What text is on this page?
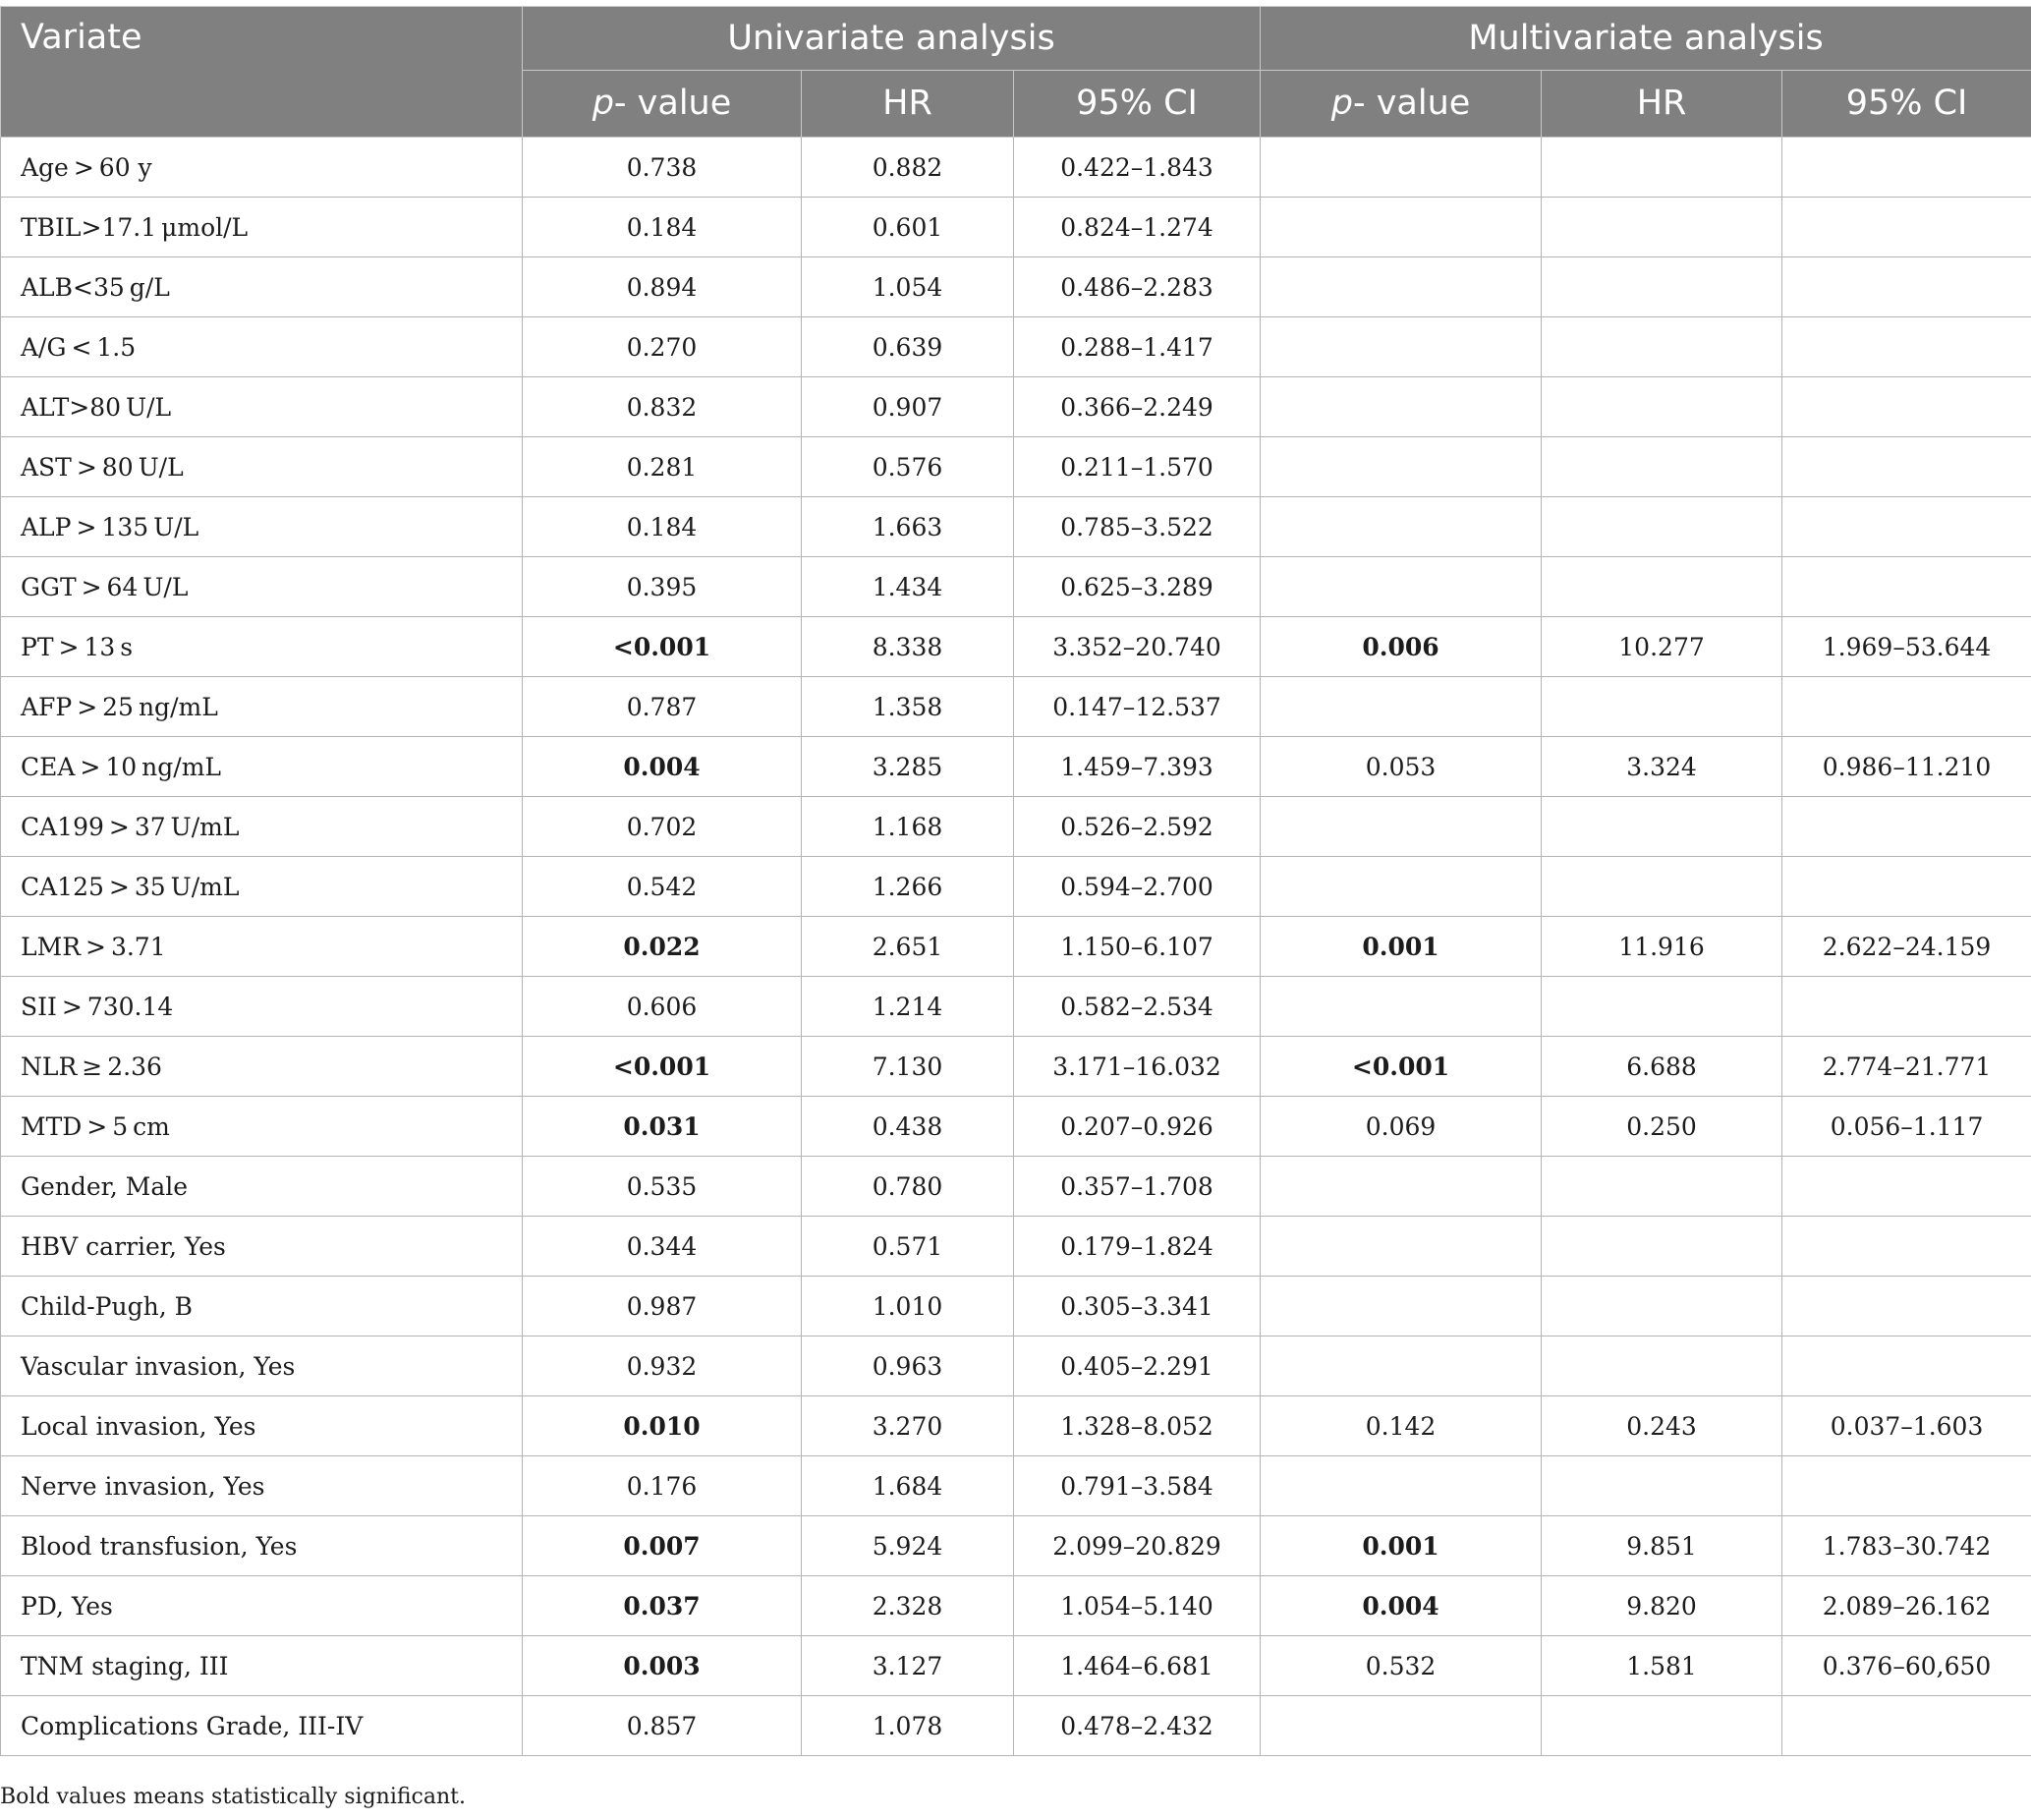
Variate	Univariate analysis			Multivariate analysis		
	p- value	HR	95% CI	p- value	HR	95% CI
Age > 60 y	0.738	0.882	0.422–1.843			
TBIL>17.1 μmol/L	0.184	0.601	0.824–1.274			
ALB<35 g/L	0.894	1.054	0.486–2.283			
A/G < 1.5	0.270	0.639	0.288–1.417			
ALT>80 U/L	0.832	0.907	0.366–2.249			
AST > 80 U/L	0.281	0.576	0.211–1.570			
ALP > 135 U/L	0.184	1.663	0.785–3.522			
GGT > 64 U/L	0.395	1.434	0.625–3.289			
PT > 13 s	<0.001	8.338	3.352–20.740	0.006	10.277	1.969–53.644
AFP > 25 ng/mL	0.787	1.358	0.147–12.537			
CEA > 10 ng/mL	0.004	3.285	1.459–7.393	0.053	3.324	0.986–11.210
CA199 > 37 U/mL	0.702	1.168	0.526–2.592			
CA125 > 35 U/mL	0.542	1.266	0.594–2.700			
LMR > 3.71	0.022	2.651	1.150–6.107	0.001	11.916	2.622–24.159
SII > 730.14	0.606	1.214	0.582–2.534			
NLR ≥ 2.36	<0.001	7.130	3.171–16.032	<0.001	6.688	2.774–21.771
MTD > 5 cm	0.031	0.438	0.207–0.926	0.069	0.250	0.056–1.117
Gender, Male	0.535	0.780	0.357–1.708			
HBV carrier, Yes	0.344	0.571	0.179–1.824			
Child-Pugh, B	0.987	1.010	0.305–3.341			
Vascular invasion, Yes	0.932	0.963	0.405–2.291			
Local invasion, Yes	0.010	3.270	1.328–8.052	0.142	0.243	0.037–1.603
Nerve invasion, Yes	0.176	1.684	0.791–3.584			
Blood transfusion, Yes	0.007	5.924	2.099–20.829	0.001	9.851	1.783–30.742
PD, Yes	0.037	2.328	1.054–5.140	0.004	9.820	2.089–26.162
TNM staging, III	0.003	3.127	1.464–6.681	0.532	1.581	0.376–60,650
Complications Grade, III-IV	0.857	1.078	0.478–2.432			
Bold values means statistically significant.
